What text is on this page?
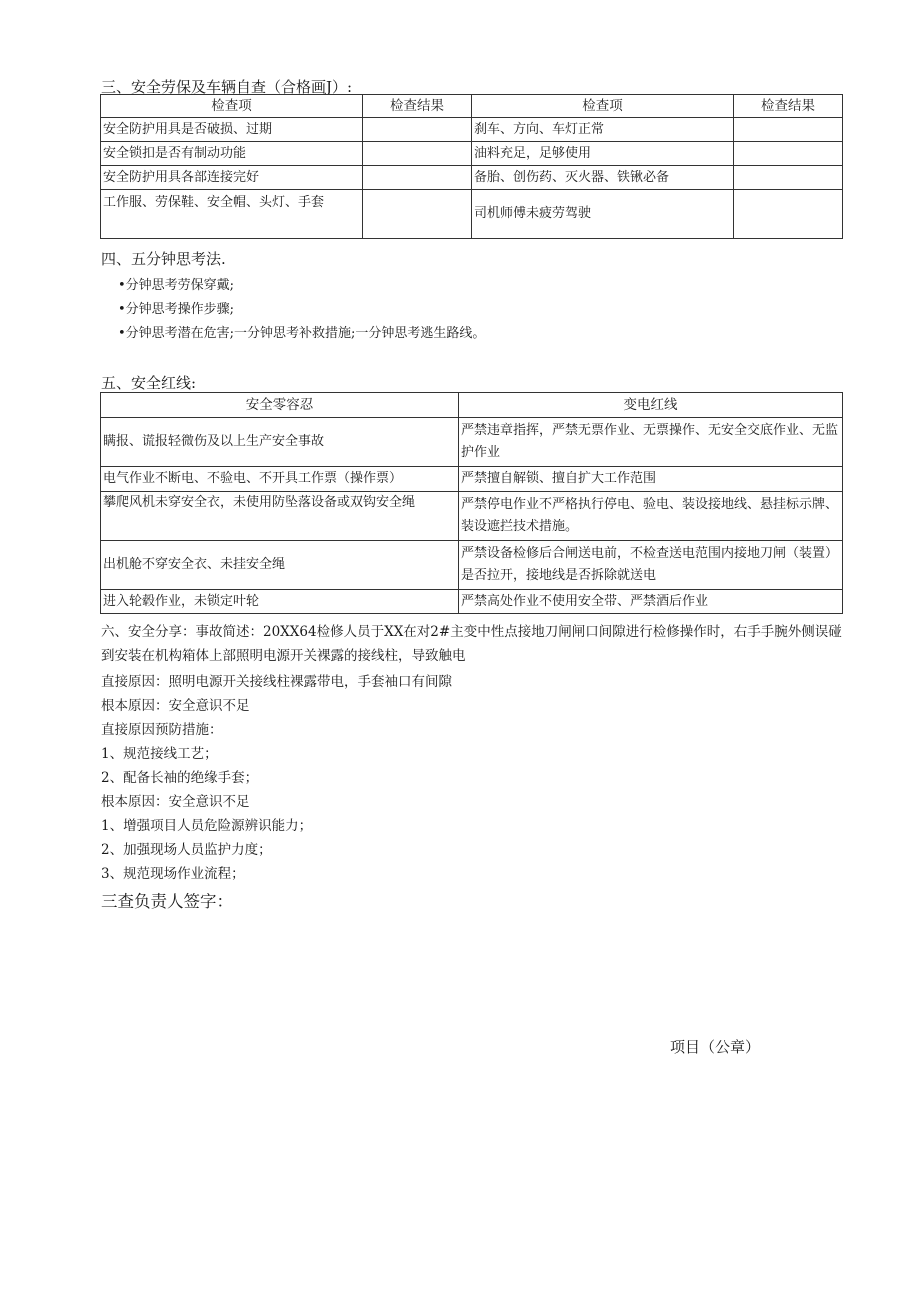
三、安全劳保及车辆自查（合格画J）:
检查项	检查结果	检查项	检查结果
安全防护用具是否破损、过期		刹车、方向、车灯正常	
安全锁扣是否有制动功能		油料充足，足够使用	
安全防护用具各部连接完好		备胎、创伤药、灭火器、铁锹必备	
工作服、劳保鞋、安全帽、头灯、手套		司机师傅未疲劳驾驶	
四、五分钟思考法.
•分钟思考劳保穿戴;
•分钟思考操作步骤;
•分钟思考潜在危害;一分钟思考补救措施;一分钟思考逃生路线。
五、安全红线:
安全零容忍	变电红线
瞒报、谎报轻微伤及以上生产安全事故	严禁违章指挥，严禁无票作业、无票操作、无安全交底作业、无监护作业
电气作业不断电、不验电、不开具工作票（操作票）	严禁擅自解锁、擅自扩大工作范围
攀爬风机未穿安全衣，未使用防坠落设备或双钩安全绳	严禁停电作业不严格执行停电、验电、装设接地线、悬挂标示牌、装设遮拦技术措施。
出机舱不穿安全衣、未挂安全绳	严禁设备检修后合闸送电前，不检查送电范围内接地刀闸（装置）是否拉开，接地线是否拆除就送电
进入轮毂作业，未锁定叶轮	严禁高处作业不使用安全带、严禁酒后作业
六、安全分享：事故简述：20XX64检修人员于XX在对2#主变中性点接地刀闸闸口间隙进行检修操作时，右手手腕外侧误碰到安装在机构箱体上部照明电源开关裸露的接线柱，导致触电
直接原因：照明电源开关接线柱裸露带电，手套袖口有间隙
根本原因：安全意识不足
直接原因预防措施：
1、规范接线工艺；
2、配备长袖的绝缘手套；
根本原因：安全意识不足
1、增强项目人员危险源辨识能力；
2、加强现场人员监护力度；
3、规范现场作业流程；
三查负责人签字：
项目（公章）
